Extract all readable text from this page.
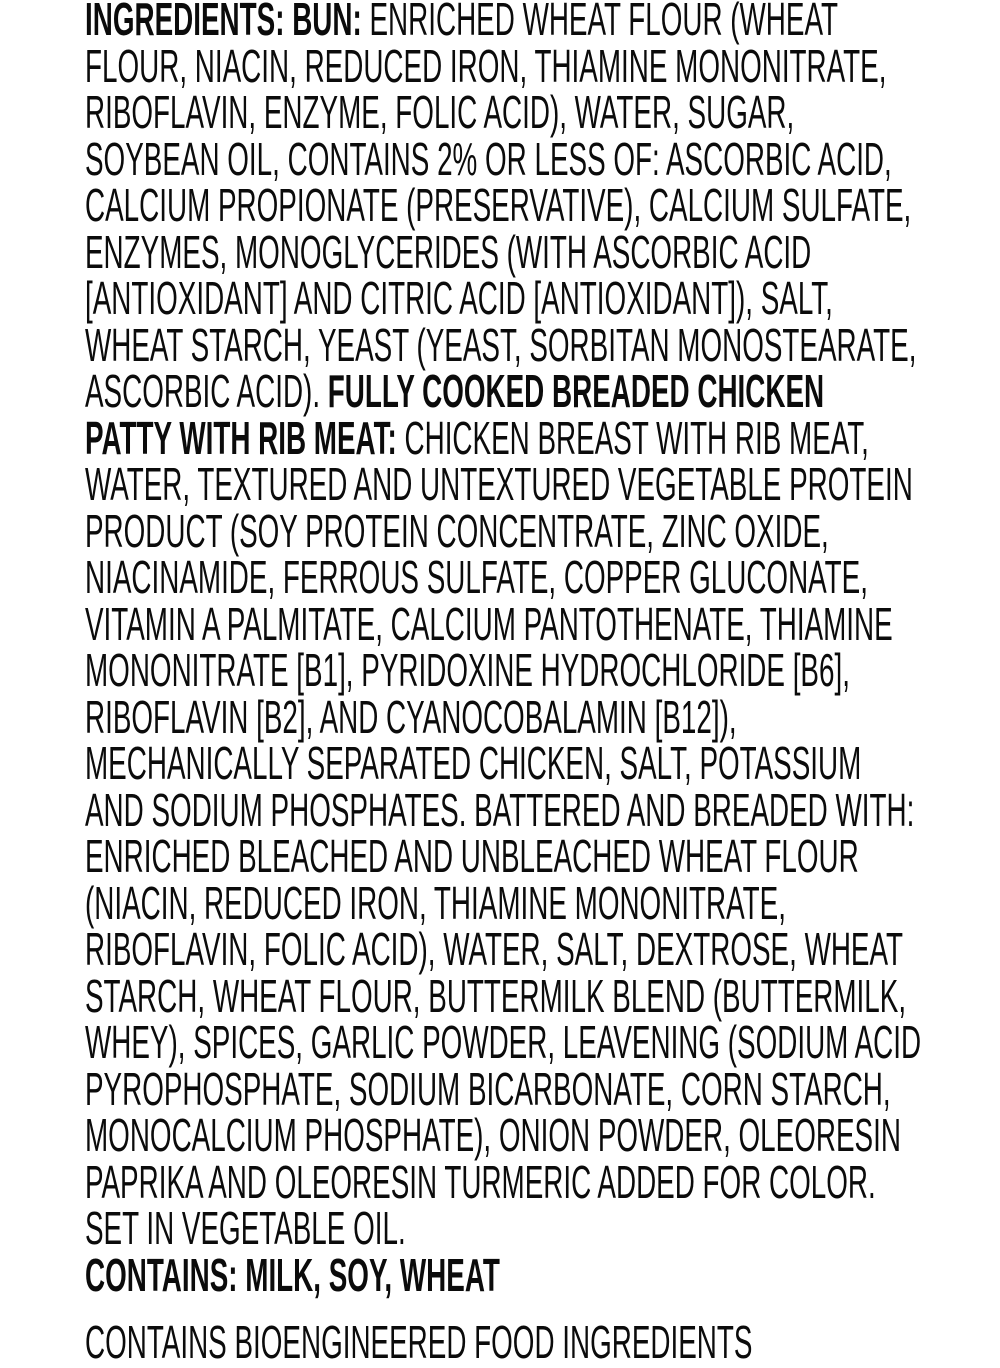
INGREDIENTS: BUN: ENRICHED WHEAT FLOUR (WHEAT
FLOUR, NIACIN, REDUCED IRON, THIAMINE MONONITRATE,
RIBOFLAVIN, ENZYME, FOLIC ACID), WATER, SUGAR,
SOYBEAN OIL, CONTAINS 2% OR LESS OF: ASCORBIC ACID,
CALCIUM PROPIONATE (PRESERVATIVE), CALCIUM SULFATE,
ENZYMES, MONOGLYCERIDES (WITH ASCORBIC ACID
[ANTIOXIDANT] AND CITRIC ACID [ANTIOXIDANT]), SALT,
WHEAT STARCH, YEAST (YEAST, SORBITAN MONOSTEARATE,
ASCORBIC ACID). FULLY COOKED BREADED CHICKEN
PATTY WITH RIB MEAT: CHICKEN BREAST WITH RIB MEAT,
WATER, TEXTURED AND UNTEXTURED VEGETABLE PROTEIN
PRODUCT (SOY PROTEIN CONCENTRATE, ZINC OXIDE,
NIACINAMIDE, FERROUS SULFATE, COPPER GLUCONATE,
VITAMIN A PALMITATE, CALCIUM PANTOTHENATE, THIAMINE
MONONITRATE [B1], PYRIDOXINE HYDROCHLORIDE [B6],
RIBOFLAVIN [B2], AND CYANOCOBALAMIN [B12]),
MECHANICALLY SEPARATED CHICKEN, SALT, POTASSIUM
AND SODIUM PHOSPHATES. BATTERED AND BREADED WITH:
ENRICHED BLEACHED AND UNBLEACHED WHEAT FLOUR
(NIACIN, REDUCED IRON, THIAMINE MONONITRATE,
RIBOFLAVIN, FOLIC ACID), WATER, SALT, DEXTROSE, WHEAT
STARCH, WHEAT FLOUR, BUTTERMILK BLEND (BUTTERMILK,
WHEY), SPICES, GARLIC POWDER, LEAVENING (SODIUM ACID
PYROPHOSPHATE, SODIUM BICARBONATE, CORN STARCH,
MONOCALCIUM PHOSPHATE), ONION POWDER, OLEORESIN
PAPRIKA AND OLEORESIN TURMERIC ADDED FOR COLOR.
SET IN VEGETABLE OIL.
CONTAINS: MILK, SOY, WHEAT
CONTAINS BIOENGINEERED FOOD INGREDIENTS
